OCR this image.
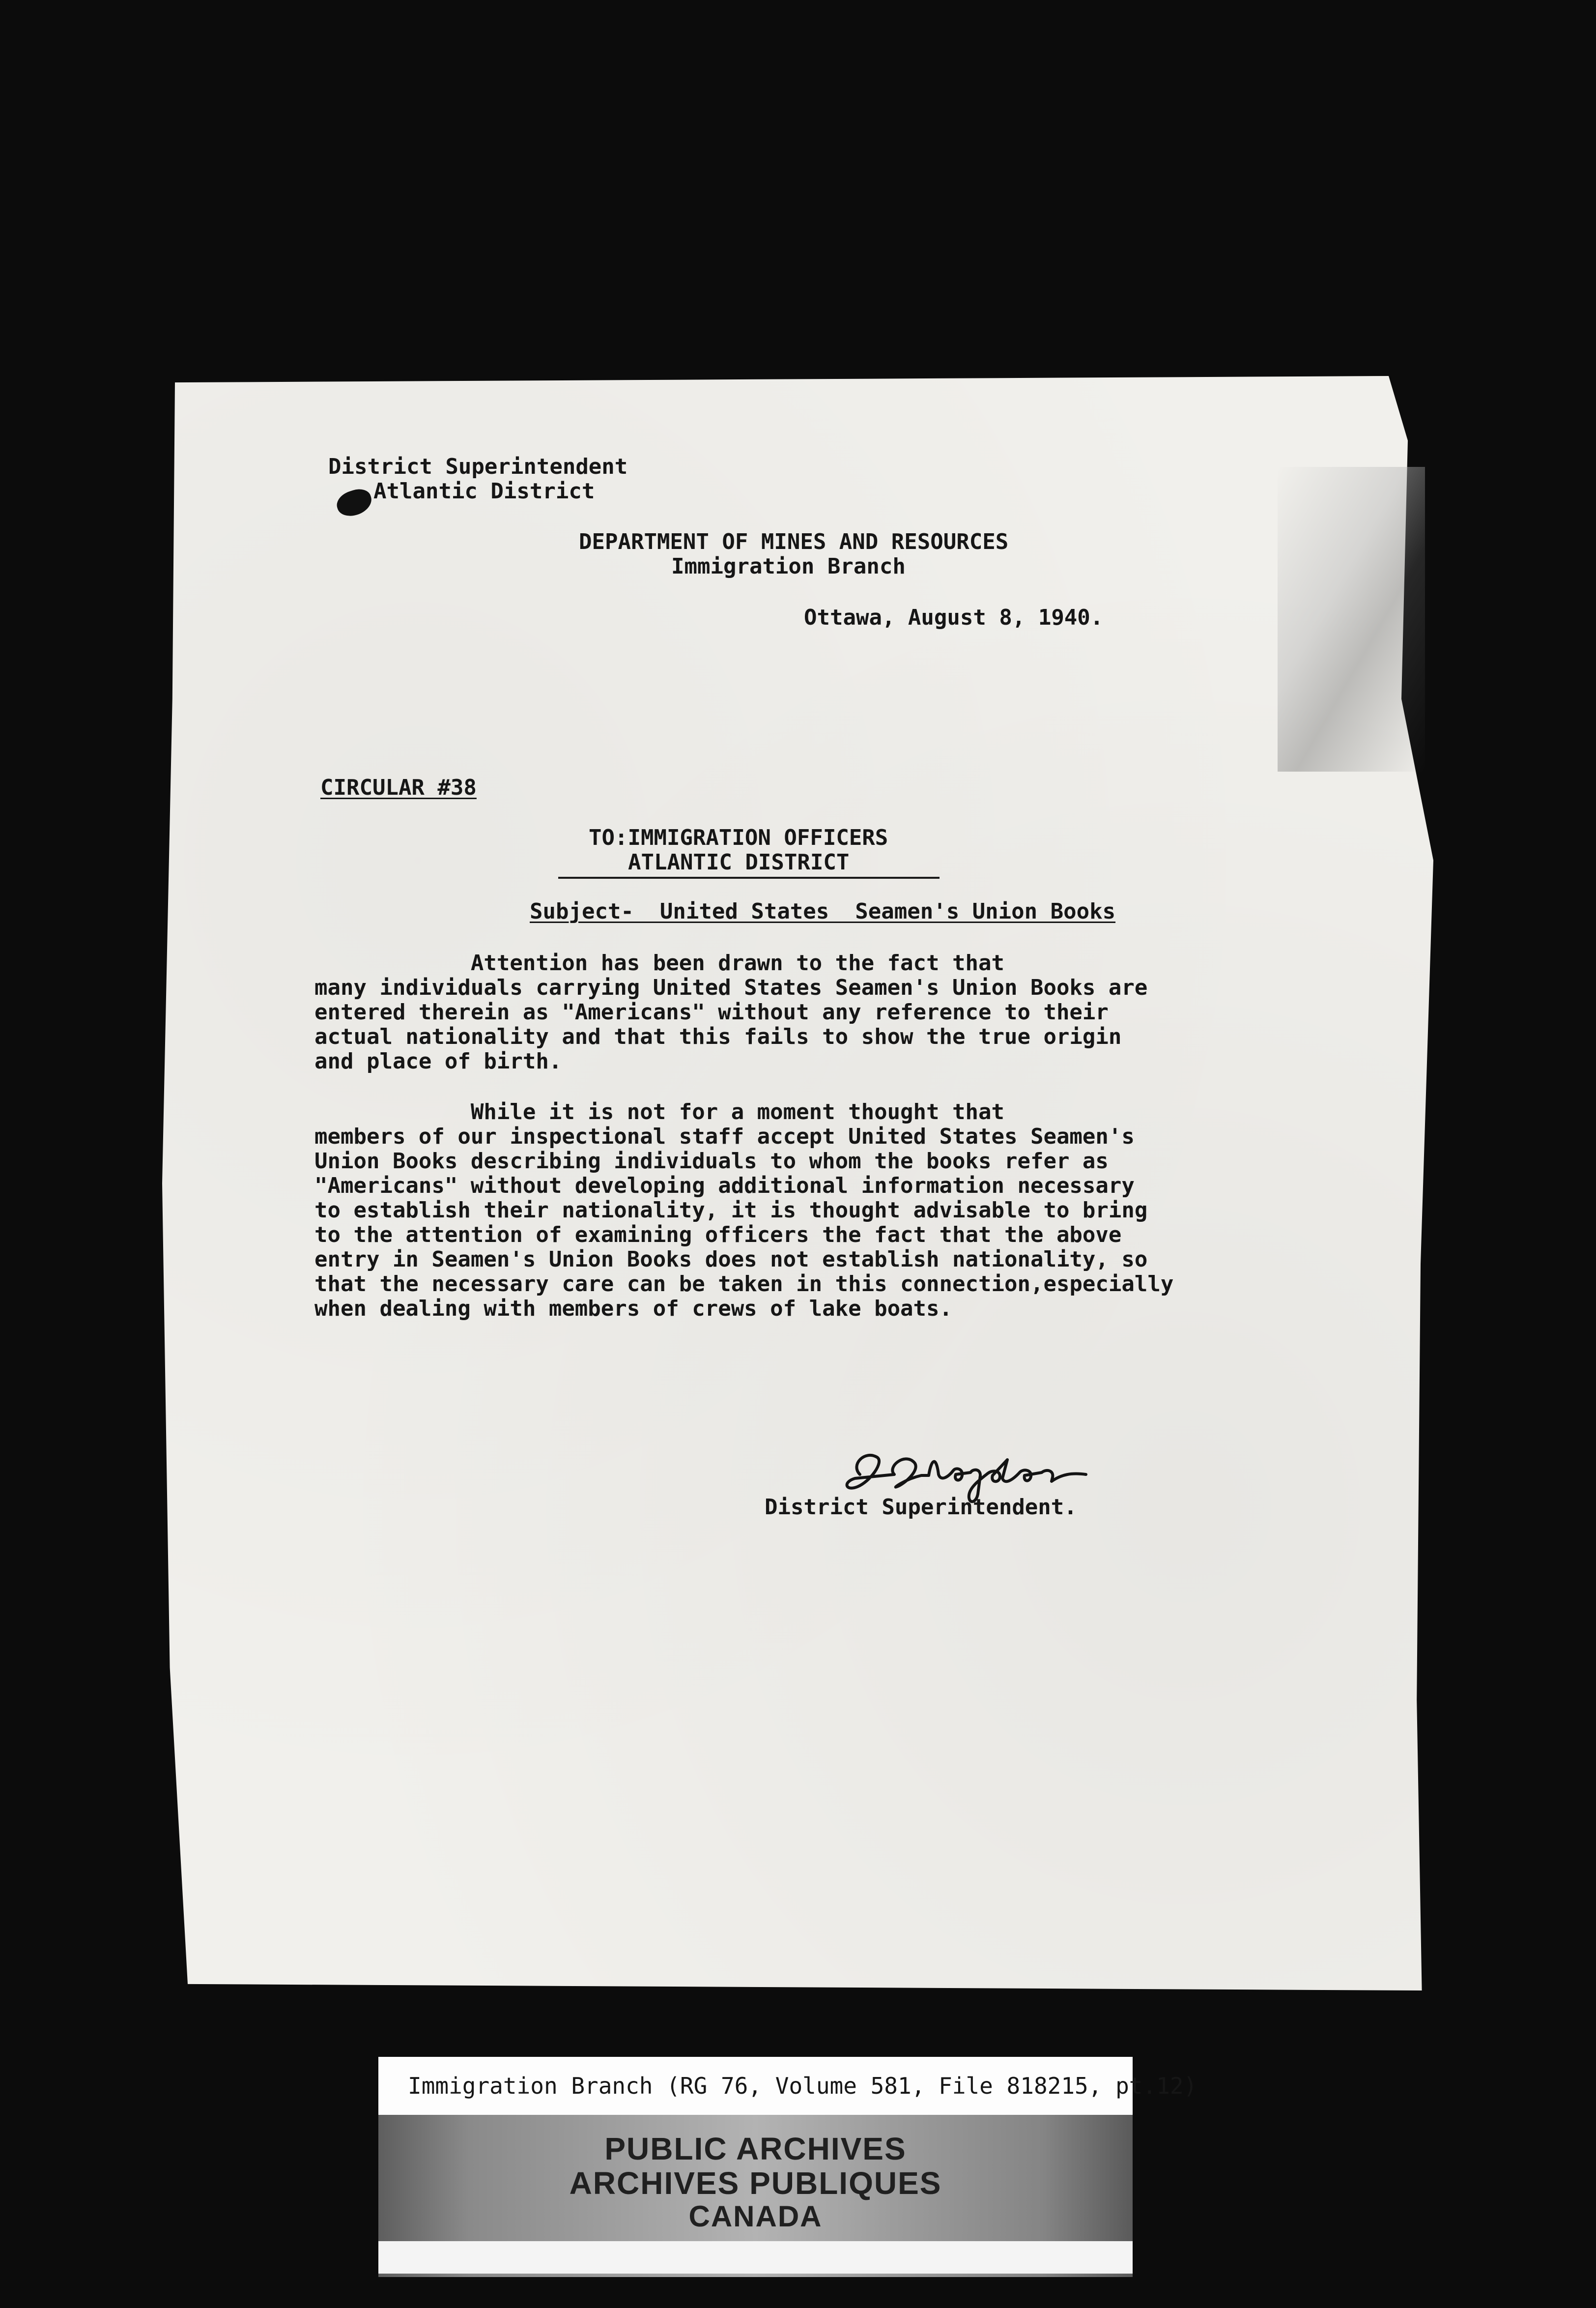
District Superintendent

Atlantic District

DEPARTMENT OF MINES AND RESOURCES

Immigration Branch

Ottawa, August 8, 1940.

CIRCULAR #38

TO:IMMIGRATION OFFICERS

ATLANTIC DISTRICT

Subject-  United States  Seamen's Union Books

Attention has been drawn to the fact that

many individuals carrying United States Seamen's Union Books are

entered therein as "Americans" without any reference to their

actual nationality and that this fails to show the true origin

and place of birth.

While it is not for a moment thought that

members of our inspectional staff accept United States Seamen's

Union Books describing individuals to whom the books refer as

"Americans" without developing additional information necessary

to establish their nationality, it is thought advisable to bring

to the attention of examining officers the fact that the above

entry in Seamen's Union Books does not establish nationality, so

that the necessary care can be taken in this connection,especially

when dealing with members of crews of lake boats.

District Superintendent.

Immigration Branch (RG 76, Volume 581, File 818215, pt.12)

PUBLIC ARCHIVES
ARCHIVES PUBLIQUES
CANADA
